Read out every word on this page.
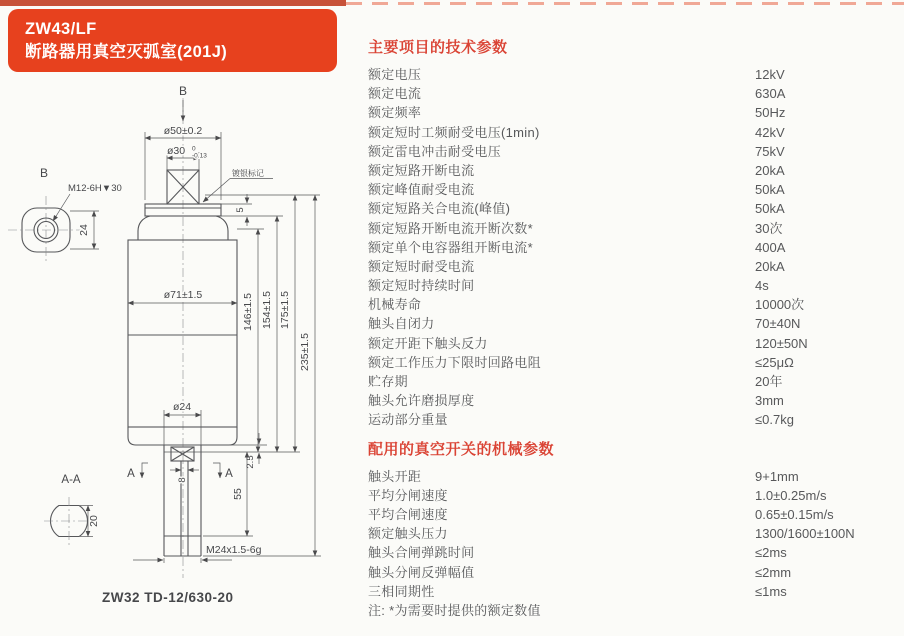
ZW43/LF
断路器用真空灭弧室(201J)
B
ø50±0.2
ø30 0
-0.13
镀银标记
ø71±1.5
ø24
A	A
2.5
8
55
M24x1.5-6g
5
146±1.5 154±1.5 175±1.5
235±1.5
B
M12-6H▼30
24
A-A
20
ZW32 TD-12/630-20
主要项目的技术参数
额定电压	12kV
额定电流	630A
额定频率	50Hz
额定短时工频耐受电压(1min)	42kV
额定雷电冲击耐受电压	75kV
额定短路开断电流	20kA
额定峰值耐受电流	50kA
额定短路关合电流(峰值)	50kA
额定短路开断电流开断次数*	30次
额定单个电容器组开断电流*	400A
额定短时耐受电流	20kA
额定短时持续时间	4s
机械寿命	10000次
触头自闭力	70±40N
额定开距下触头反力	120±50N
额定工作压力下限时回路电阻	≤25μΩ
贮存期	20年
触头允许磨损厚度	3mm
运动部分重量	≤0.7kg
配用的真空开关的机械参数
触头开距	9+1mm
平均分闸速度	1.0±0.25m/s
平均合闸速度	0.65±0.15m/s
额定触头压力	1300/1600±100N
触头合闸弹跳时间	≤2ms
触头分闸反弹幅值	≤2mm
三相同期性	≤1ms
注: *为需要时提供的额定数值
